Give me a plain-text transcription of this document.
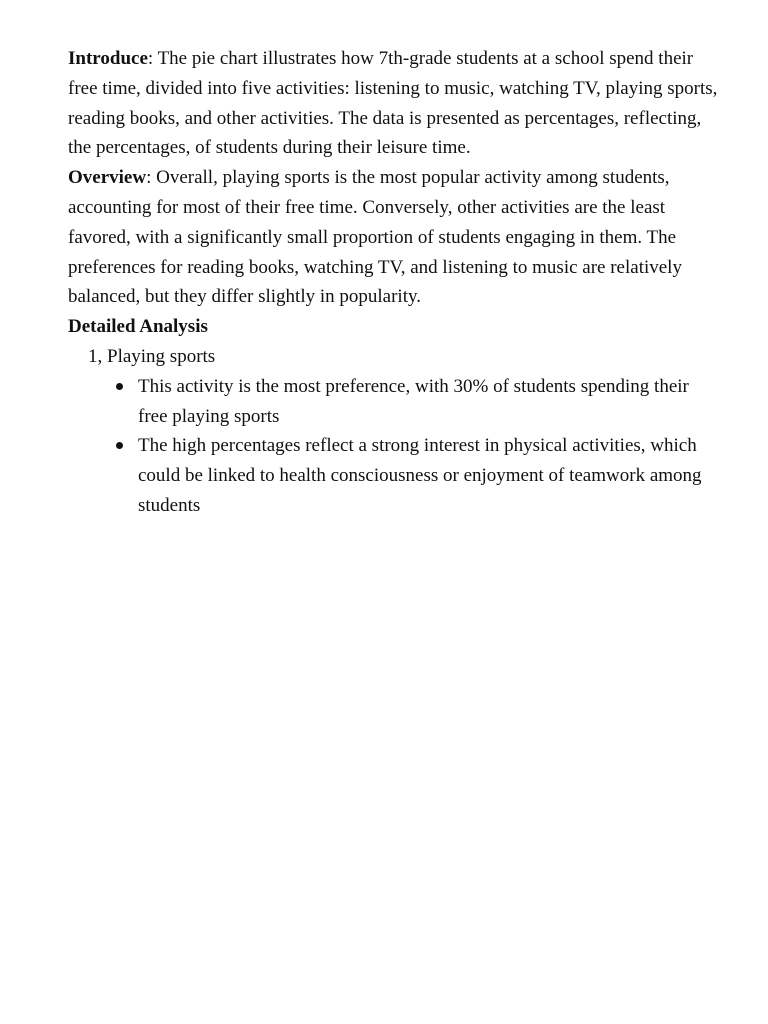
Introduce: The pie chart illustrates how 7th-grade students at a school spend their free time, divided into five activities: listening to music, watching TV, playing sports, reading books, and other activities. The data is presented as percentages, reflecting, the percentages, of students during their leisure time.

Overview: Overall, playing sports is the most popular activity among students, accounting for most of their free time. Conversely, other activities are the least favored, with a significantly small proportion of students engaging in them. The preferences for reading books, watching TV, and listening to music are relatively balanced, but they differ slightly in popularity.

Detailed Analysis

1, Playing sports

This activity is the most preference, with 30% of students spending their free playing sports
The high percentages reflect a strong interest in physical activities, which could be linked to health consciousness or enjoyment of teamwork among students
